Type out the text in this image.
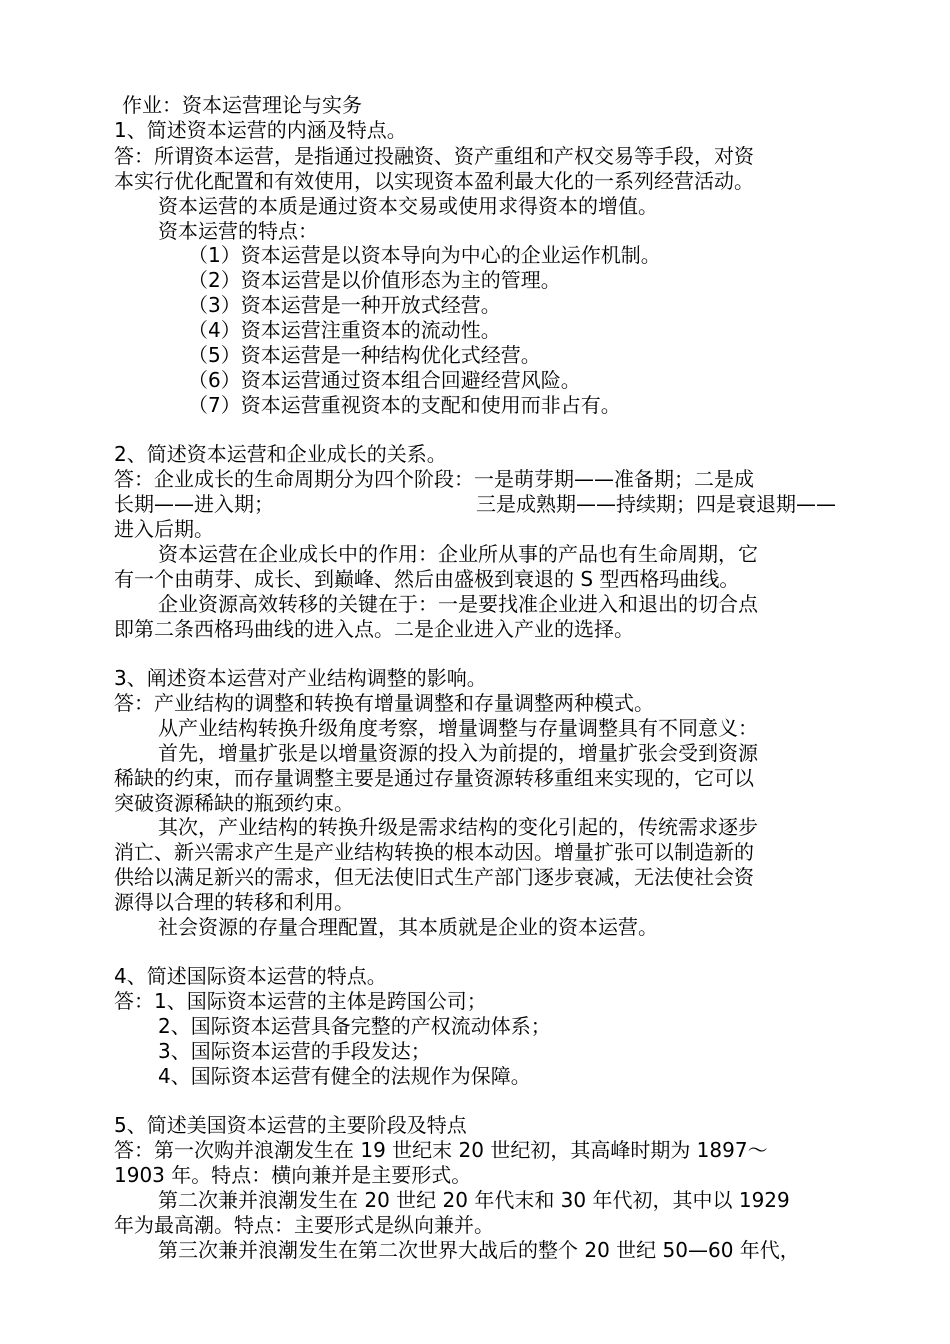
作业：资本运营理论与实务
1、简述资本运营的内涵及特点。
答：所谓资本运营，是指通过投融资、资产重组和产权交易等手段，对资
本实行优化配置和有效使用，以实现资本盈利最大化的一系列经营活动。
资本运营的本质是通过资本交易或使用求得资本的增值。
资本运营的特点：
（1）资本运营是以资本导向为中心的企业运作机制。
（2）资本运营是以价值形态为主的管理。
（3）资本运营是一种开放式经营。
（4）资本运营注重资本的流动性。
（5）资本运营是一种结构优化式经营。
（6）资本运营通过资本组合回避经营风险。
（7）资本运营重视资本的支配和使用而非占有。
2、简述资本运营和企业成长的关系。
答：企业成长的生命周期分为四个阶段：一是萌芽期——准备期；二是成
长期——进入期；	三是成熟期——持续期；四是衰退期——
进入后期。
资本运营在企业成长中的作用：企业所从事的产品也有生命周期，它
有一个由萌芽、成长、到巅峰、然后由盛极到衰退的 S 型西格玛曲线。
企业资源高效转移的关键在于：一是要找准企业进入和退出的切合点
即第二条西格玛曲线的进入点。二是企业进入产业的选择。
3、阐述资本运营对产业结构调整的影响。
答：产业结构的调整和转换有增量调整和存量调整两种模式。
从产业结构转换升级角度考察，增量调整与存量调整具有不同意义：
首先，增量扩张是以增量资源的投入为前提的，增量扩张会受到资源
稀缺的约束，而存量调整主要是通过存量资源转移重组来实现的，它可以
突破资源稀缺的瓶颈约束。
其次，产业结构的转换升级是需求结构的变化引起的，传统需求逐步
消亡、新兴需求产生是产业结构转换的根本动因。增量扩张可以制造新的
供给以满足新兴的需求，但无法使旧式生产部门逐步衰减，无法使社会资
源得以合理的转移和利用。
社会资源的存量合理配置，其本质就是企业的资本运营。
4、简述国际资本运营的特点。
答：1、国际资本运营的主体是跨国公司；
2、国际资本运营具备完整的产权流动体系；
3、国际资本运营的手段发达；
4、国际资本运营有健全的法规作为保障。
5、简述美国资本运营的主要阶段及特点
答：第一次购并浪潮发生在 19 世纪末 20 世纪初，其高峰时期为 1897～
1903 年。特点：横向兼并是主要形式。
第二次兼并浪潮发生在 20 世纪 20 年代末和 30 年代初，其中以 1929
年为最高潮。特点：主要形式是纵向兼并。
第三次兼并浪潮发生在第二次世界大战后的整个 20 世纪 50—60 年代，
